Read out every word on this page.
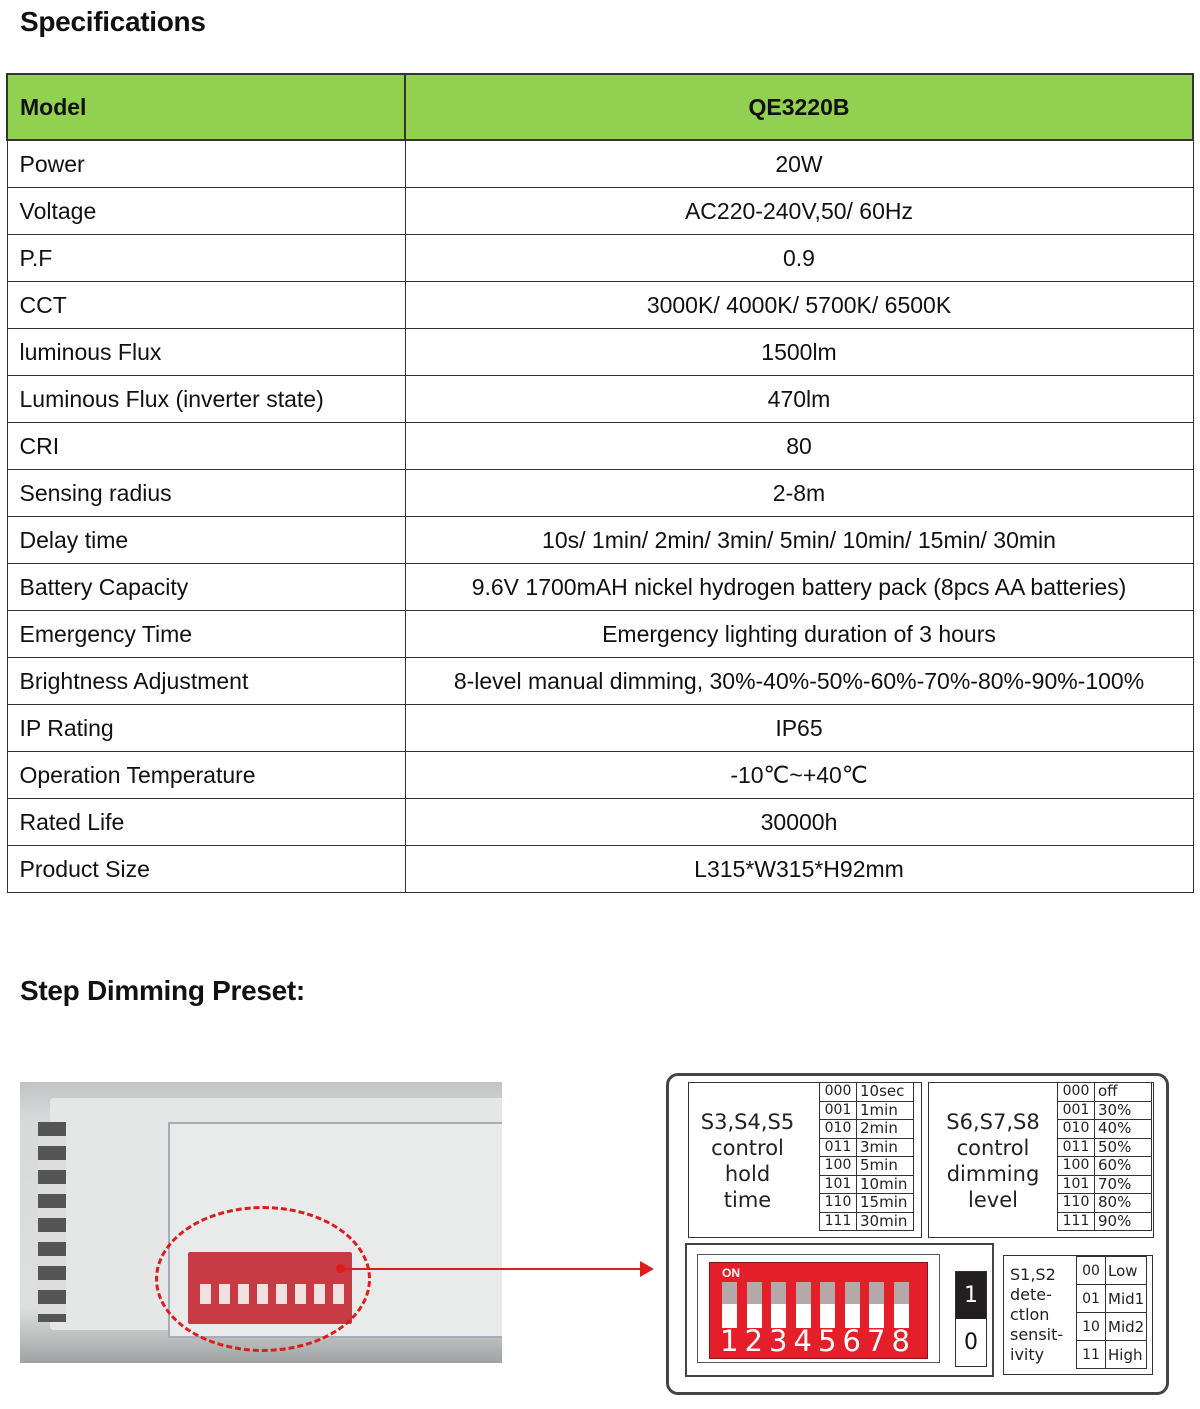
Specifications
Model	QE3220B
Power	20W
Voltage	AC220-240V,50/ 60Hz
P.F	0.9
CCT	3000K/ 4000K/ 5700K/ 6500K
luminous Flux	1500lm
Luminous Flux (inverter state)	470lm
CRI	80
Sensing radius	2-8m
Delay time	10s/ 1min/ 2min/ 3min/ 5min/ 10min/ 15min/ 30min
Battery Capacity	9.6V 1700mAH nickel hydrogen battery pack (8pcs AA batteries)
Emergency Time	Emergency lighting duration of 3 hours
Brightness Adjustment	8-level manual dimming, 30%-40%-50%-60%-70%-80%-90%-100%
IP Rating	IP65
Operation Temperature	-10℃~+40℃
Rated Life	30000h
Product Size	L315*W315*H92mm
Step Dimming Preset:
S3,S4,S5
control
hold
time
000	10sec
001	1min
010	2min
011	3min
100	5min
101	10min
110	15min
111	30min
S6,S7,S8
control
dimming
level
000	off
001	30%
010	40%
011	50%
100	60%
101	70%
110	80%
111	90%
ON
1 2 3 4 5 6 7 8
1
0
S1,S2
dete-
ctlon
sensit-
ivity
00	Low
01	Mid1
10	Mid2
11	High
